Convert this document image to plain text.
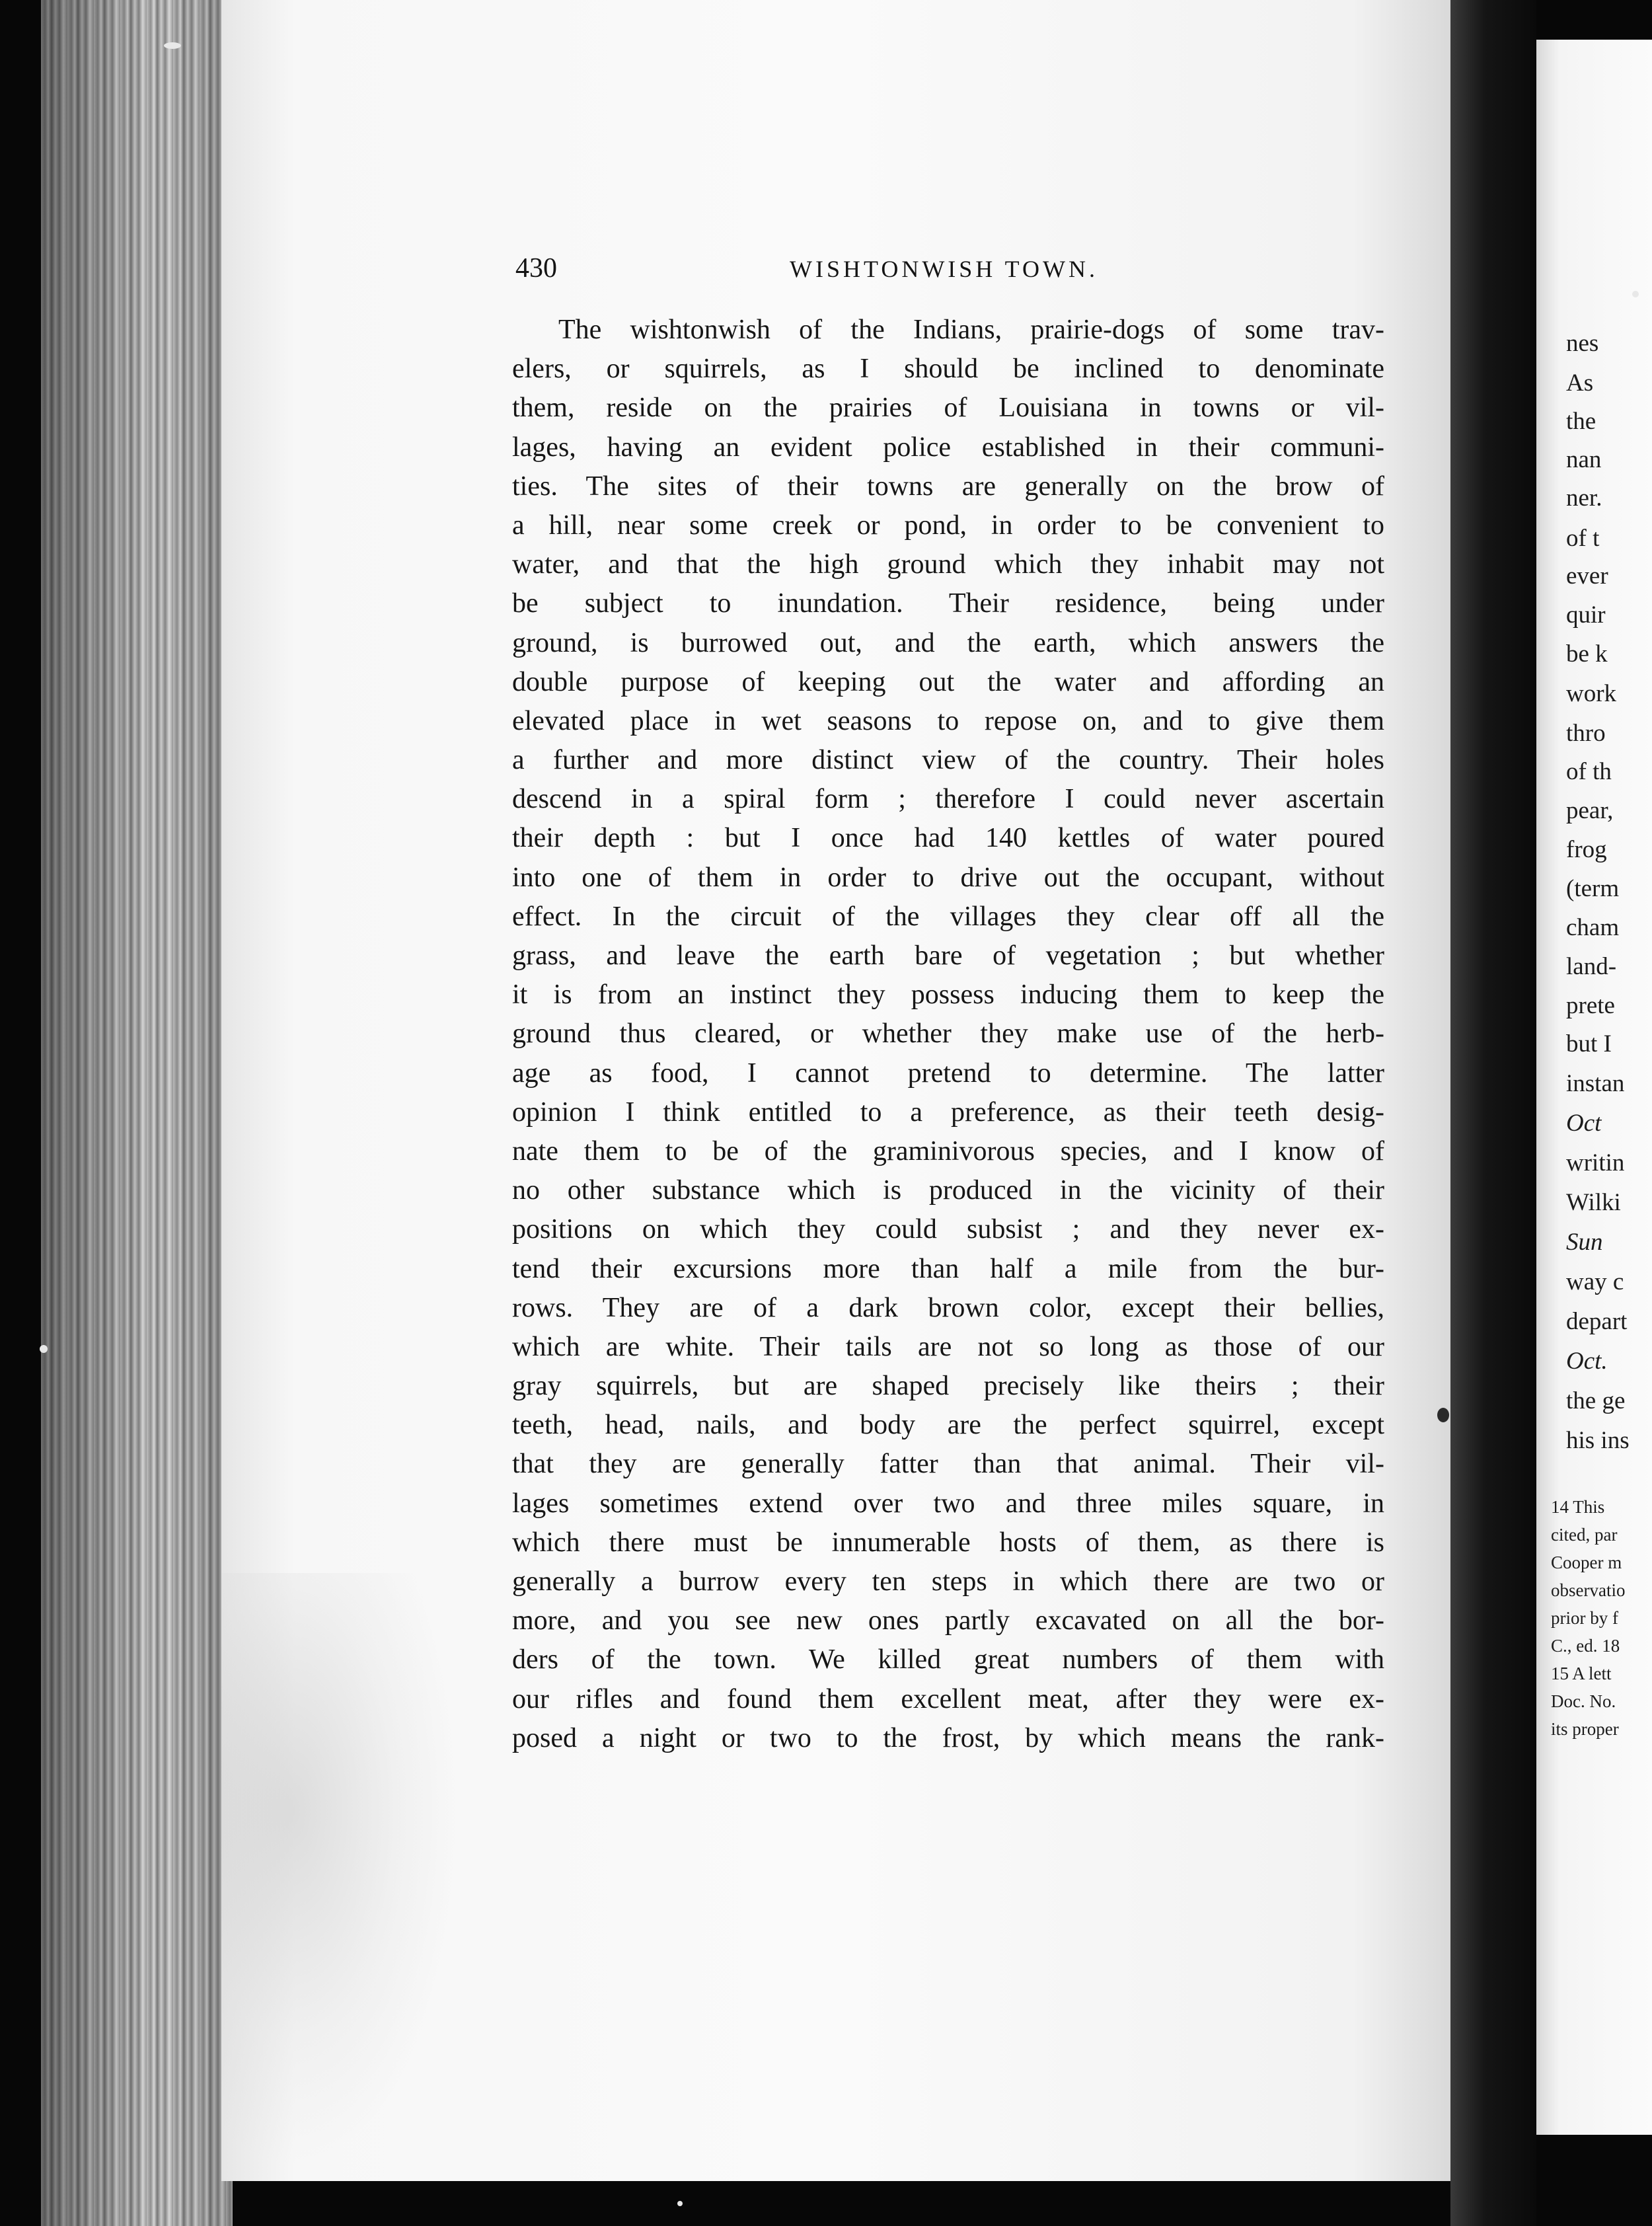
nes
As
the
nan
ner.
of t
ever
quir
be k
work
thro
of th
pear,
frog
(term
cham
land-
prete
but I
instan
Oct
writin
Wilki
Sun
way c
depart
Oct.
the ge
his ins
14 This
cited, par
Cooper m
observatio
prior by f
C., ed. 18
15 A lett
Doc. No.
its proper
430	WISHTONWISH TOWN.
The wishtonwish of the Indians, prairie-dogs of some trav-
elers, or squirrels, as I should be inclined to denominate
them, reside on the prairies of Louisiana in towns or vil-
lages, having an evident police established in their communi-
ties. The sites of their towns are generally on the brow of
a hill, near some creek or pond, in order to be convenient to
water, and that the high ground which they inhabit may not
be subject to inundation. Their residence, being under
ground, is burrowed out, and the earth, which answers the
double purpose of keeping out the water and affording an
elevated place in wet seasons to repose on, and to give them
a further and more distinct view of the country. Their holes
descend in a spiral form ; therefore I could never ascertain
their depth : but I once had 140 kettles of water poured
into one of them in order to drive out the occupant, without
effect. In the circuit of the villages they clear off all the
grass, and leave the earth bare of vegetation ; but whether
it is from an instinct they possess inducing them to keep the
ground thus cleared, or whether they make use of the herb-
age as food, I cannot pretend to determine. The latter
opinion I think entitled to a preference, as their teeth desig-
nate them to be of the graminivorous species, and I know of
no other substance which is produced in the vicinity of their
positions on which they could subsist ; and they never ex-
tend their excursions more than half a mile from the bur-
rows. They are of a dark brown color, except their bellies,
which are white. Their tails are not so long as those of our
gray squirrels, but are shaped precisely like theirs ; their
teeth, head, nails, and body are the perfect squirrel, except
that they are generally fatter than that animal. Their vil-
lages sometimes extend over two and three miles square, in
which there must be innumerable hosts of them, as there is
generally a burrow every ten steps in which there are two or
more, and you see new ones partly excavated on all the bor-
ders of the town. We killed great numbers of them with
our rifles and found them excellent meat, after they were ex-
posed a night or two to the frost, by which means the rank-
